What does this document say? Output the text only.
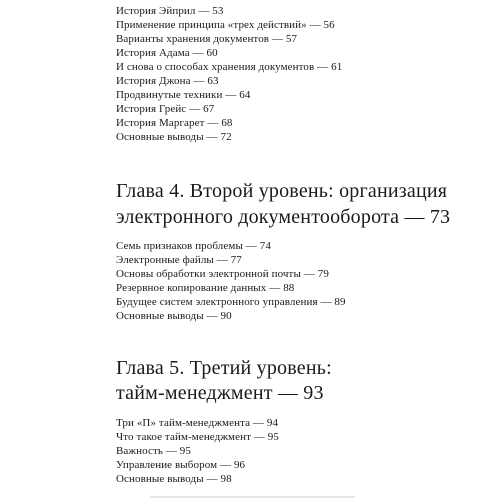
История Эйприл — 53
Применение принципа «трех действий» — 56
Варианты хранения документов — 57
История Адама — 60
И снова о способах хранения документов — 61
История Джона — 63
Продвинутые техники — 64
История Грейс — 67
История Маргарет — 68
Основные выводы — 72
Глава 4. Второй уровень: организация
электронного документооборота — 73
Семь признаков проблемы — 74
Электронные файлы — 77
Основы обработки электронной почты — 79
Резервное копирование данных — 88
Будущее систем электронного управления — 89
Основные выводы — 90
Глава 5. Третий уровень:
тайм-менеджмент — 93
Три «П» тайм-менеджмента — 94
Что такое тайм-менеджмент — 95
Важность — 95
Управление выбором — 96
Основные выводы — 98
